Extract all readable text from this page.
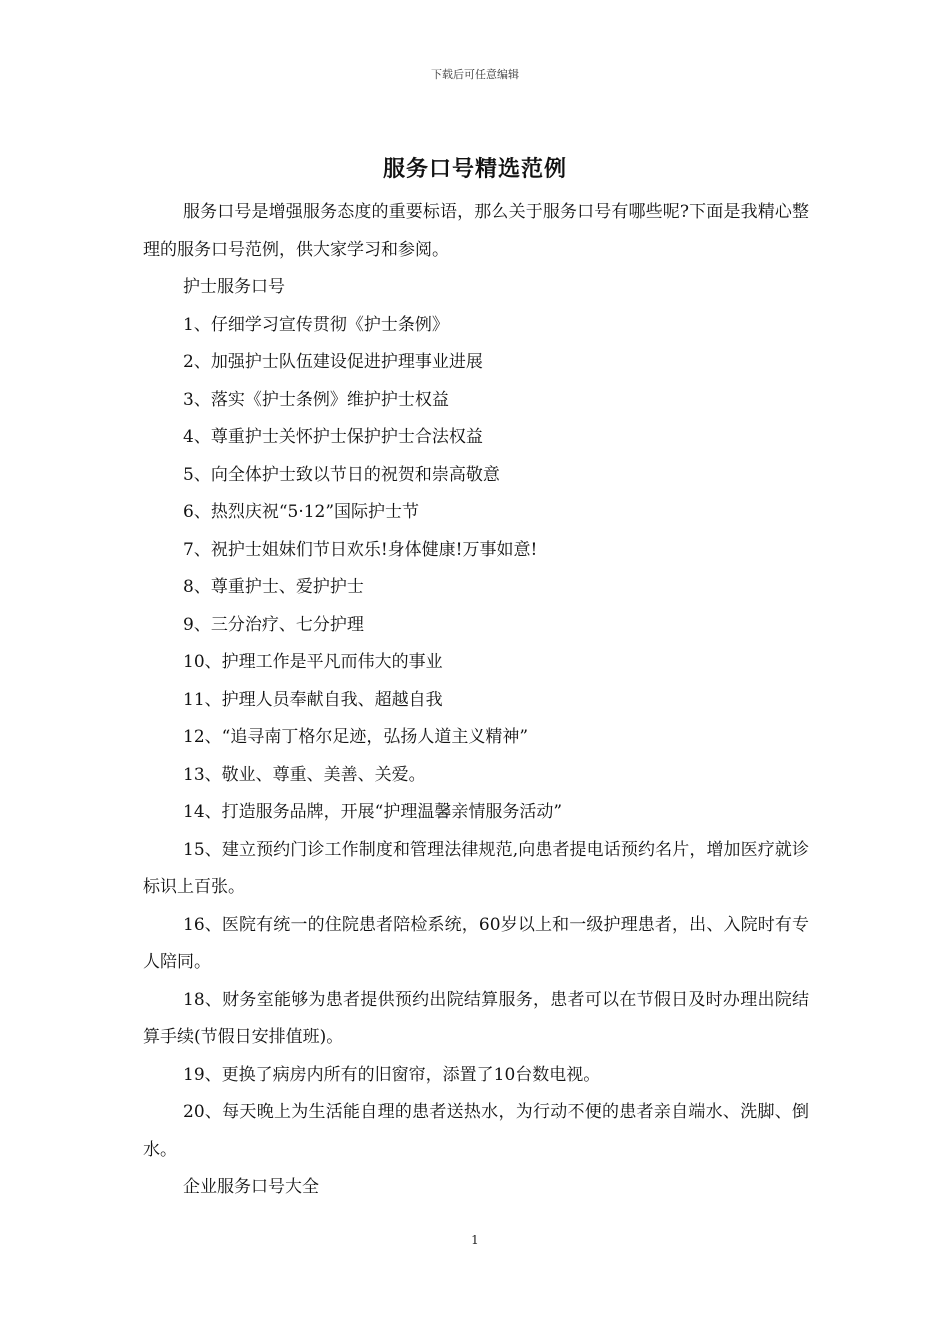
下载后可任意编辑
服务口号精选范例

服务口号是增强服务态度的重要标语，那么关于服务口号有哪些呢?下面是我精心整理的服务口号范例，供大家学习和参阅。

护士服务口号

1、仔细学习宣传贯彻《护士条例》

2、加强护士队伍建设促进护理事业进展

3、落实《护士条例》维护护士权益

4、尊重护士关怀护士保护护士合法权益

5、向全体护士致以节日的祝贺和崇高敬意

6、热烈庆祝“5·12”国际护士节

7、祝护士姐妹们节日欢乐!身体健康!万事如意!

8、尊重护士、爱护护士

9、三分治疗、七分护理

10、护理工作是平凡而伟大的事业

11、护理人员奉献自我、超越自我

12、“追寻南丁格尔足迹，弘扬人道主义精神”

13、敬业、尊重、美善、关爱。

14、打造服务品牌，开展“护理温馨亲情服务活动”

15、建立预约门诊工作制度和管理法律规范,向患者提电话预约名片，增加医疗就诊标识上百张。

16、医院有统一的住院患者陪检系统，60岁以上和一级护理患者，出、入院时有专人陪同。

18、财务室能够为患者提供预约出院结算服务，患者可以在节假日及时办理出院结算手续(节假日安排值班)。

19、更换了病房内所有的旧窗帘，添置了10台数电视。

20、每天晚上为生活能自理的患者送热水，为行动不便的患者亲自端水、洗脚、倒水。

企业服务口号大全

1
